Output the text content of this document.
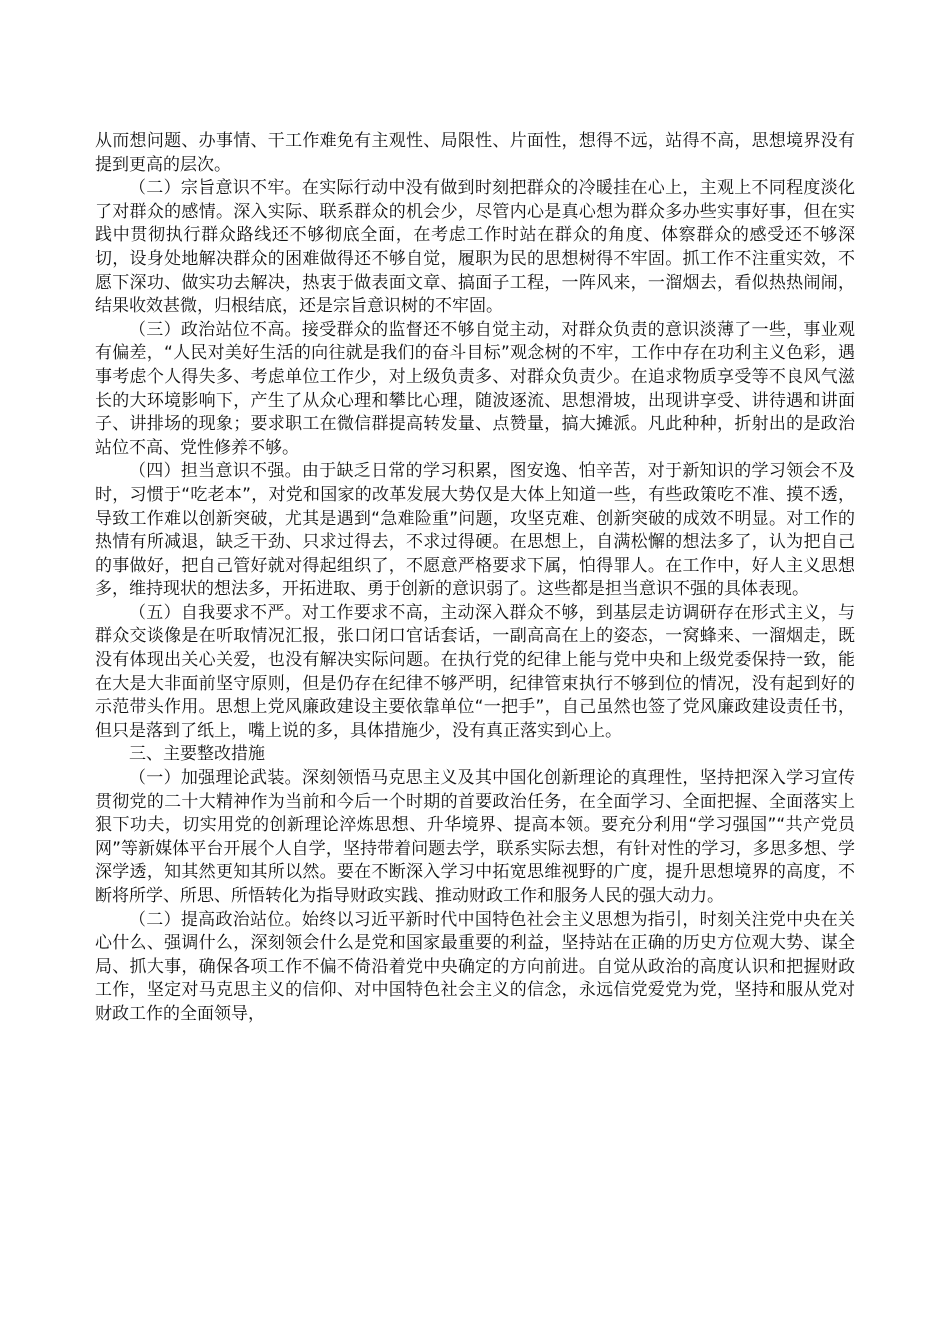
从而想问题、办事情、干工作难免有主观性、局限性、片面性，想得不远，站得不高，思想境界没有提到更高的层次。

（二）宗旨意识不牢。在实际行动中没有做到时刻把群众的冷暖挂在心上，主观上不同程度淡化了对群众的感情。深入实际、联系群众的机会少，尽管内心是真心想为群众多办些实事好事，但在实践中贯彻执行群众路线还不够彻底全面，在考虑工作时站在群众的角度、体察群众的感受还不够深切，设身处地解决群众的困难做得还不够自觉，履职为民的思想树得不牢固。抓工作不注重实效，不愿下深功、做实功去解决，热衷于做表面文章、搞面子工程，一阵风来，一溜烟去，看似热热闹闹，结果收效甚微，归根结底，还是宗旨意识树的不牢固。

（三）政治站位不高。接受群众的监督还不够自觉主动，对群众负责的意识淡薄了一些，事业观有偏差，“人民对美好生活的向往就是我们的奋斗目标”观念树的不牢，工作中存在功利主义色彩，遇事考虑个人得失多、考虑单位工作少，对上级负责多、对群众负责少。在追求物质享受等不良风气滋长的大环境影响下，产生了从众心理和攀比心理，随波逐流、思想滑坡，出现讲享受、讲待遇和讲面子、讲排场的现象；要求职工在微信群提高转发量、点赞量，搞大摊派。凡此种种，折射出的是政治站位不高、党性修养不够。

（四）担当意识不强。由于缺乏日常的学习积累，图安逸、怕辛苦，对于新知识的学习领会不及时，习惯于“吃老本”，对党和国家的改革发展大势仅是大体上知道一些，有些政策吃不准、摸不透，导致工作难以创新突破，尤其是遇到“急难险重”问题，攻坚克难、创新突破的成效不明显。对工作的热情有所减退，缺乏干劲、只求过得去，不求过得硬。在思想上，自满松懈的想法多了，认为把自己的事做好，把自己管好就对得起组织了，不愿意严格要求下属，怕得罪人。在工作中，好人主义思想多，维持现状的想法多，开拓进取、勇于创新的意识弱了。这些都是担当意识不强的具体表现。

（五）自我要求不严。对工作要求不高，主动深入群众不够，到基层走访调研存在形式主义，与群众交谈像是在听取情况汇报，张口闭口官话套话，一副高高在上的姿态，一窝蜂来、一溜烟走，既没有体现出关心关爱，也没有解决实际问题。在执行党的纪律上能与党中央和上级党委保持一致，能在大是大非面前坚守原则，但是仍存在纪律不够严明，纪律管束执行不够到位的情况，没有起到好的示范带头作用。思想上党风廉政建设主要依靠单位“一把手”，自己虽然也签了党风廉政建设责任书，但只是落到了纸上，嘴上说的多，具体措施少，没有真正落实到心上。

三、主要整改措施

（一）加强理论武装。深刻领悟马克思主义及其中国化创新理论的真理性，坚持把深入学习宣传贯彻党的二十大精神作为当前和今后一个时期的首要政治任务，在全面学习、全面把握、全面落实上狠下功夫，切实用党的创新理论淬炼思想、升华境界、提高本领。要充分利用“学习强国”“共产党员网”等新媒体平台开展个人自学，坚持带着问题去学，联系实际去想，有针对性的学习，多思多想、学深学透，知其然更知其所以然。要在不断深入学习中拓宽思维视野的广度，提升思想境界的高度，不断将所学、所思、所悟转化为指导财政实践、推动财政工作和服务人民的强大动力。

（二）提高政治站位。始终以习近平新时代中国特色社会主义思想为指引，时刻关注党中央在关心什么、强调什么，深刻领会什么是党和国家最重要的利益，坚持站在正确的历史方位观大势、谋全局、抓大事，确保各项工作不偏不倚沿着党中央确定的方向前进。自觉从政治的高度认识和把握财政工作，坚定对马克思主义的信仰、对中国特色社会主义的信念，永远信党爱党为党，坚持和服从党对财政工作的全面领导，
